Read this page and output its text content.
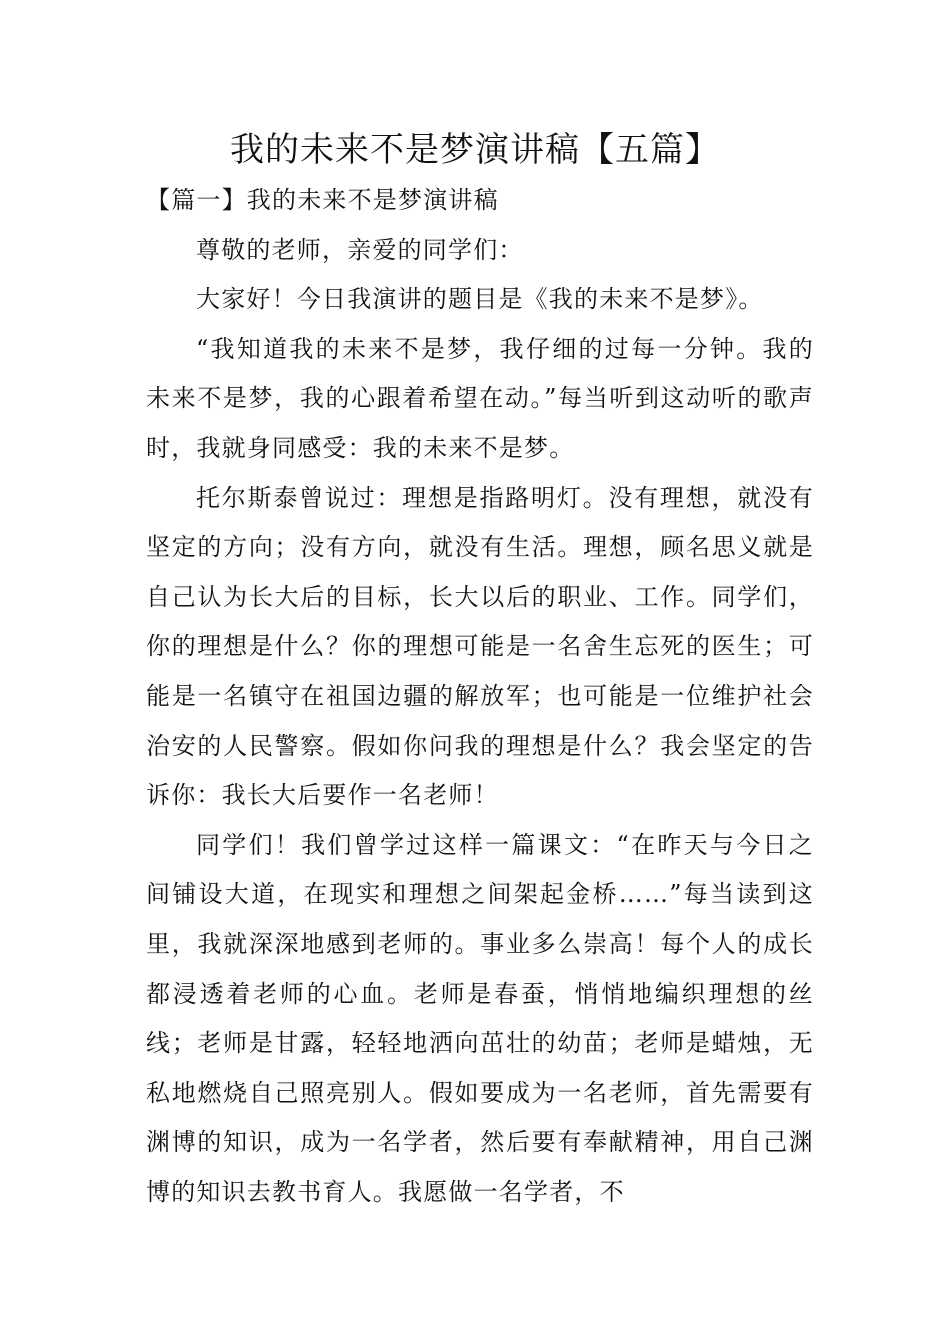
我的未来不是梦演讲稿【五篇】

【篇一】我的未来不是梦演讲稿

尊敬的老师，亲爱的同学们：

大家好！今日我演讲的题目是《我的未来不是梦》。

“我知道我的未来不是梦，我仔细的过每一分钟。我的未来不是梦，我的心跟着希望在动。”每当听到这动听的歌声时，我就身同感受：我的未来不是梦。

托尔斯泰曾说过：理想是指路明灯。没有理想，就没有坚定的方向；没有方向，就没有生活。理想，顾名思义就是自己认为长大后的目标，长大以后的职业、工作。同学们，你的理想是什么？你的理想可能是一名舍生忘死的医生；可能是一名镇守在祖国边疆的解放军；也可能是一位维护社会治安的人民警察。假如你问我的理想是什么？我会坚定的告诉你：我长大后要作一名老师！

同学们！我们曾学过这样一篇课文：“在昨天与今日之间铺设大道，在现实和理想之间架起金桥……”每当读到这里，我就深深地感到老师的。事业多么崇高！每个人的成长都浸透着老师的心血。老师是春蚕，悄悄地编织理想的丝线；老师是甘露，轻轻地洒向茁壮的幼苗；老师是蜡烛，无私地燃烧自己照亮别人。假如要成为一名老师，首先需要有渊博的知识，成为一名学者，然后要有奉献精神，用自己渊博的知识去教书育人。我愿做一名学者，不
